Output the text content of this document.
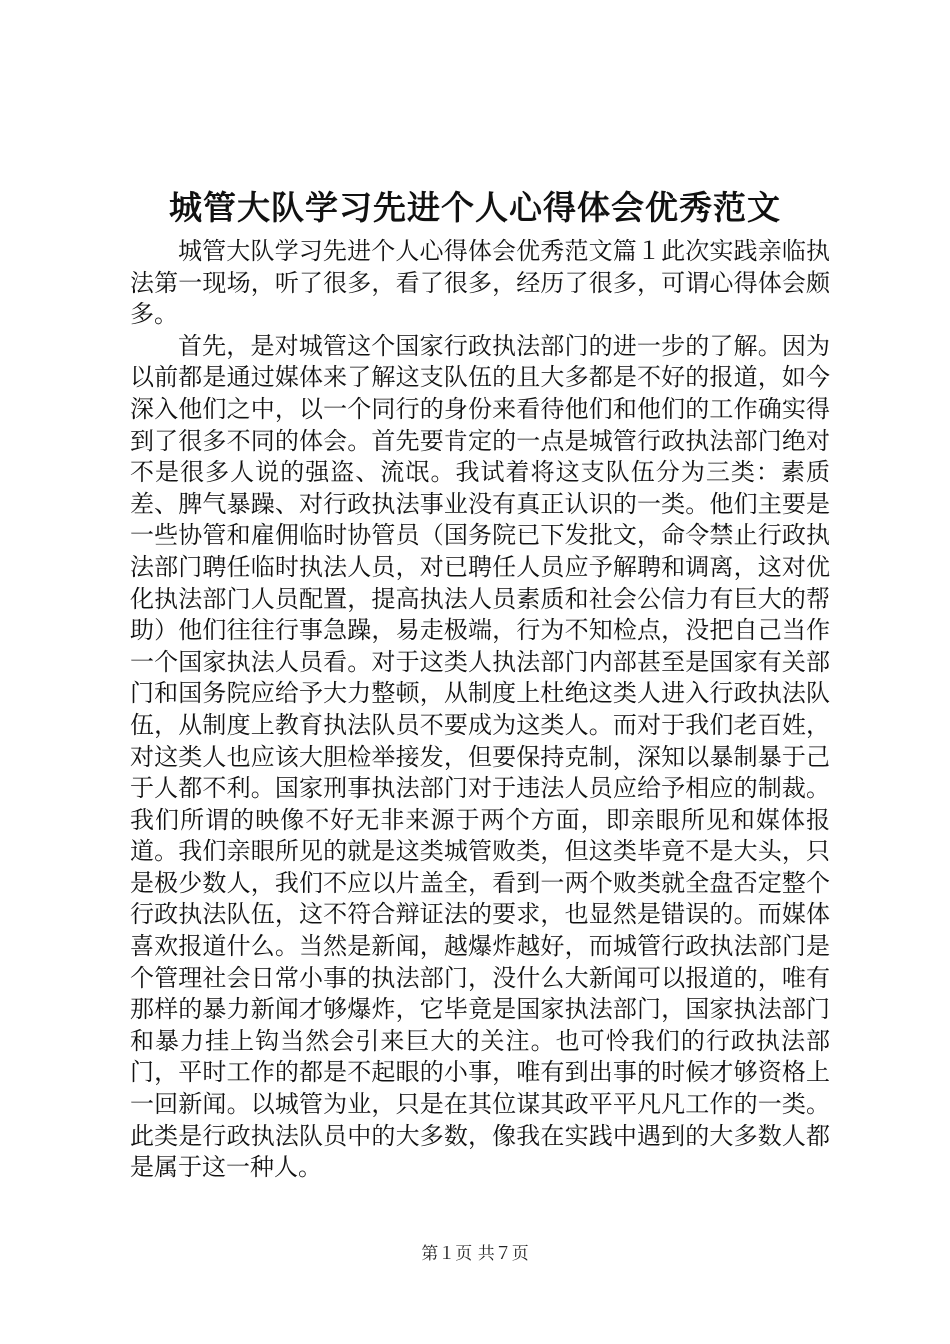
城管大队学习先进个人心得体会优秀范文

城管大队学习先进个人心得体会优秀范文篇１此次实践亲临执法第一现场，听了很多，看了很多，经历了很多，可谓心得体会颇多。

首先，是对城管这个国家行政执法部门的进一步的了解。因为以前都是通过媒体来了解这支队伍的且大多都是不好的报道，如今深入他们之中，以一个同行的身份来看待他们和他们的工作确实得到了很多不同的体会。首先要肯定的一点是城管行政执法部门绝对不是很多人说的强盗、流氓。我试着将这支队伍分为三类：素质差、脾气暴躁、对行政执法事业没有真正认识的一类。他们主要是一些协管和雇佣临时协管员（国务院已下发批文，命令禁止行政执法部门聘任临时执法人员，对已聘任人员应予解聘和调离，这对优化执法部门人员配置，提高执法人员素质和社会公信力有巨大的帮助）他们往往行事急躁，易走极端，行为不知检点，没把自己当作一个国家执法人员看。对于这类人执法部门内部甚至是国家有关部门和国务院应给予大力整顿，从制度上杜绝这类人进入行政执法队伍，从制度上教育执法队员不要成为这类人。而对于我们老百姓，对这类人也应该大胆检举接发，但要保持克制，深知以暴制暴于己于人都不利。国家刑事执法部门对于违法人员应给予相应的制裁。我们所谓的映像不好无非来源于两个方面，即亲眼所见和媒体报道。我们亲眼所见的就是这类城管败类，但这类毕竟不是大头，只是极少数人，我们不应以片盖全，看到一两个败类就全盘否定整个行政执法队伍，这不符合辩证法的要求，也显然是错误的。而媒体喜欢报道什么。当然是新闻，越爆炸越好，而城管行政执法部门是个管理社会日常小事的执法部门，没什么大新闻可以报道的，唯有那样的暴力新闻才够爆炸，它毕竟是国家执法部门，国家执法部门和暴力挂上钩当然会引来巨大的关注。也可怜我们的行政执法部门，平时工作的都是不起眼的小事，唯有到出事的时候才够资格上一回新闻。以城管为业，只是在其位谋其政平平凡凡工作的一类。此类是行政执法队员中的大多数，像我在实践中遇到的大多数人都是属于这一种人。

第１页 共７页
